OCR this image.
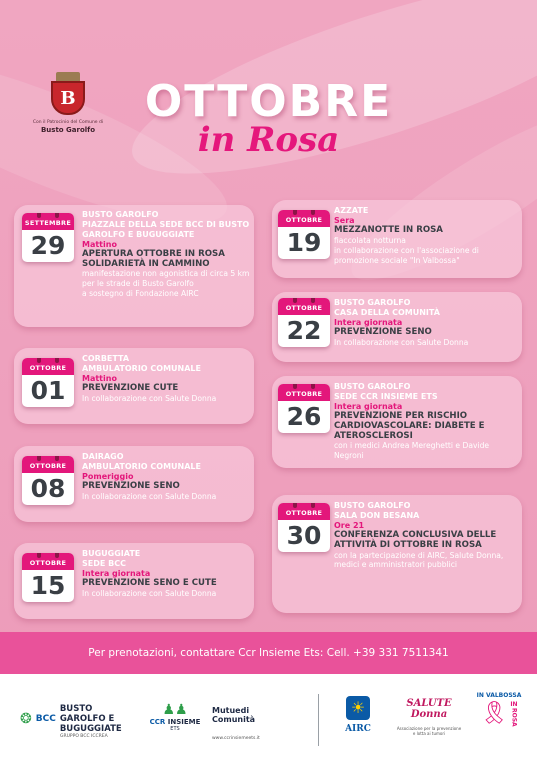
B
Con il Patrocinio del Comune di
Busto Garolfo
OTTOBRE
in Rosa
SETTEMBRE
29
BUSTO GAROLFO
PIAZZALE DELLA SEDE BCC DI BUSTO GAROLFO E BUGUGGIATE
Mattino
APERTURA OTTOBRE IN ROSA SOLIDARIETÀ IN CAMMINO
manifestazione non agonistica di circa 5 km per le strade di Busto Garolfo
a sostegno di Fondazione AIRC
OTTOBRE
01
CORBETTA
AMBULATORIO COMUNALE
Mattino
PREVENZIONE CUTE
In collaborazione con Salute Donna
OTTOBRE
08
DAIRAGO
AMBULATORIO COMUNALE
Pomeriggio
PREVENZIONE SENO
In collaborazione con Salute Donna
OTTOBRE
15
BUGUGGIATE
SEDE BCC
Intera giornata
PREVENZIONE SENO E CUTE
In collaborazione con Salute Donna
OTTOBRE
19
AZZATE
Sera
MEZZANOTTE IN ROSA
fiaccolata notturna
in collaborazione con l'associazione di promozione sociale "In Valbossa"
OTTOBRE
22
BUSTO GAROLFO
CASA DELLA COMUNITÀ
Intera giornata
PREVENZIONE SENO
In collaborazione con Salute Donna
OTTOBRE
26
BUSTO GAROLFO
SEDE CCR INSIEME ETS
Intera giornata
PREVENZIONE PER RISCHIO CARDIOVASCOLARE: DIABETE E ATEROSCLEROSI
con i medici Andrea Mereghetti e Davide Negroni
OTTOBRE
30
BUSTO GAROLFO
SALA DON BESANA
Ore 21
CONFERENZA CONCLUSIVA DELLE ATTIVITÀ DI OTTOBRE IN ROSA
con la partecipazione di AIRC, Salute Donna, medici e amministratori pubblici
Per prenotazioni, contattare Ccr Insieme Ets: Cell. +39 331 7511341
❂ BCC
BUSTO GAROLFO E BUGUGGIATE
GRUPPO BCC ICCREA
♟♟
CCR INSIEME
ETS
Mutuedi Comunità
www.ccrinsiemeets.it
☀
AIRC
SALUTE Donna
Associazione per la prevenzione e lotta ai tumori
IN VALBOSSA
🎗 IN
ROSA
